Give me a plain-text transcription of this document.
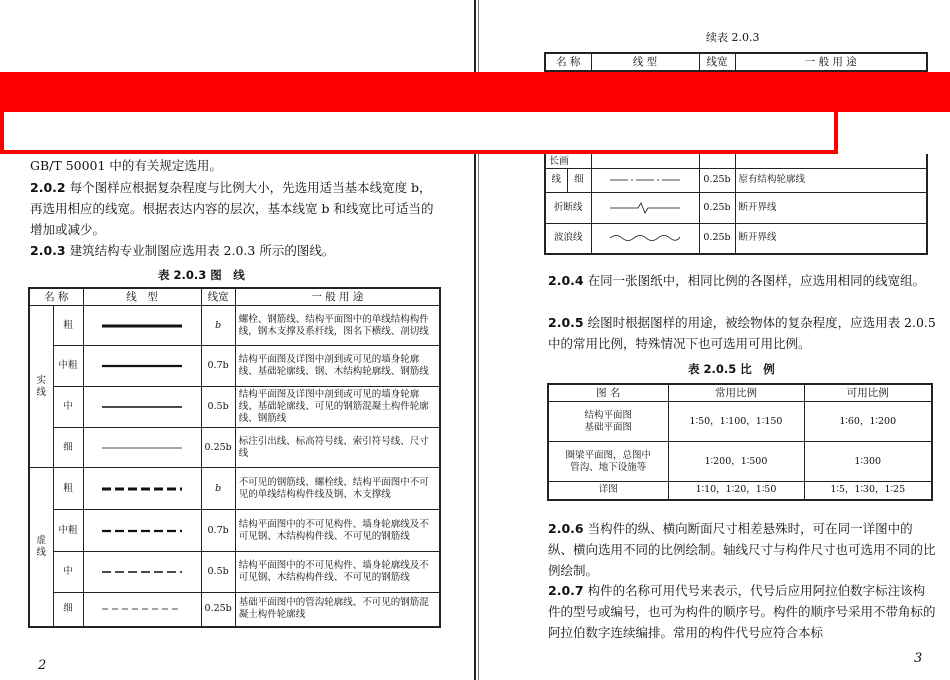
GB/T 50001 中的有关规定选用。
2.0.2 每个图样应根据复杂程度与比例大小，先选用适当基本线宽度 b，再选用相应的线宽。根据表达内容的层次，基本线宽 b 和线宽比可适当的增加或减少。
2.0.3 建筑结构专业制图应选用表 2.0.3 所示的图线。
表 2.0.3 图　线
名 称		线　型	线宽	一 般 用 途
实线	粗		b	螺栓、钢筋线、结构平面图中的单线结构构件线，钢木支撑及系杆线，图名下横线、剖切线
	中粗		0.7b	结构平面图及详图中剖到或可见的墙身轮廓线、基础轮廓线、钢、木结构轮廓线、钢筋线
	中		0.5b	结构平面图及详图中剖到或可见的墙身轮廓线、基础轮廓线、可见的钢筋混凝土构件轮廓线、钢筋线
	细		0.25b	标注引出线、标高符号线、索引符号线、尺寸线
虚线	粗		b	不可见的钢筋线、螺栓线、结构平面图中不可见的单线结构构件线及钢、木支撑线
	中粗		0.7b	结构平面图中的不可见构件、墙身轮廓线及不可见钢、木结构构件线、不可见的钢筋线
	中		0.5b	结构平面图中的不可见构件、墙身轮廓线及不可见钢、木结构构件线、不可见的钢筋线
	细		0.25b	基础平面图中的管沟轮廓线、不可见的钢筋混凝土构件轮廓线
2
续表 2.0.3
名 称	线 型	线宽	一 般 用 途
长画				
线	细		0.25b	原有结构轮廓线
折断线			0.25b	断开界线
波浪线			0.25b	断开界线
2.0.4 在同一张图纸中，相同比例的各图样，应选用相同的线宽组。
2.0.5 绘图时根据图样的用途，被绘物体的复杂程度，应选用表 2.0.5 中的常用比例，特殊情况下也可选用可用比例。
表 2.0.5 比　例
图 名	常用比例	可用比例

结构平面图
基础平面图	1∶50，1∶100，1∶150	1∶60，1∶200

圈梁平面图，总图中
管沟、地下设施等	1∶200，1∶500	1∶300
详图	1∶10，1∶20，1∶50	1∶5，1∶30，1∶25
2.0.6 当构件的纵、横向断面尺寸相差悬殊时，可在同一详图中的纵、横向选用不同的比例绘制。轴线尺寸与构件尺寸也可选用不同的比例绘制。
2.0.7 构件的名称可用代号来表示，代号后应用阿拉伯数字标注该构件的型号或编号，也可为构件的顺序号。构件的顺序号采用不带角标的阿拉伯数字连续编排。常用的构件代号应符合本标
3
